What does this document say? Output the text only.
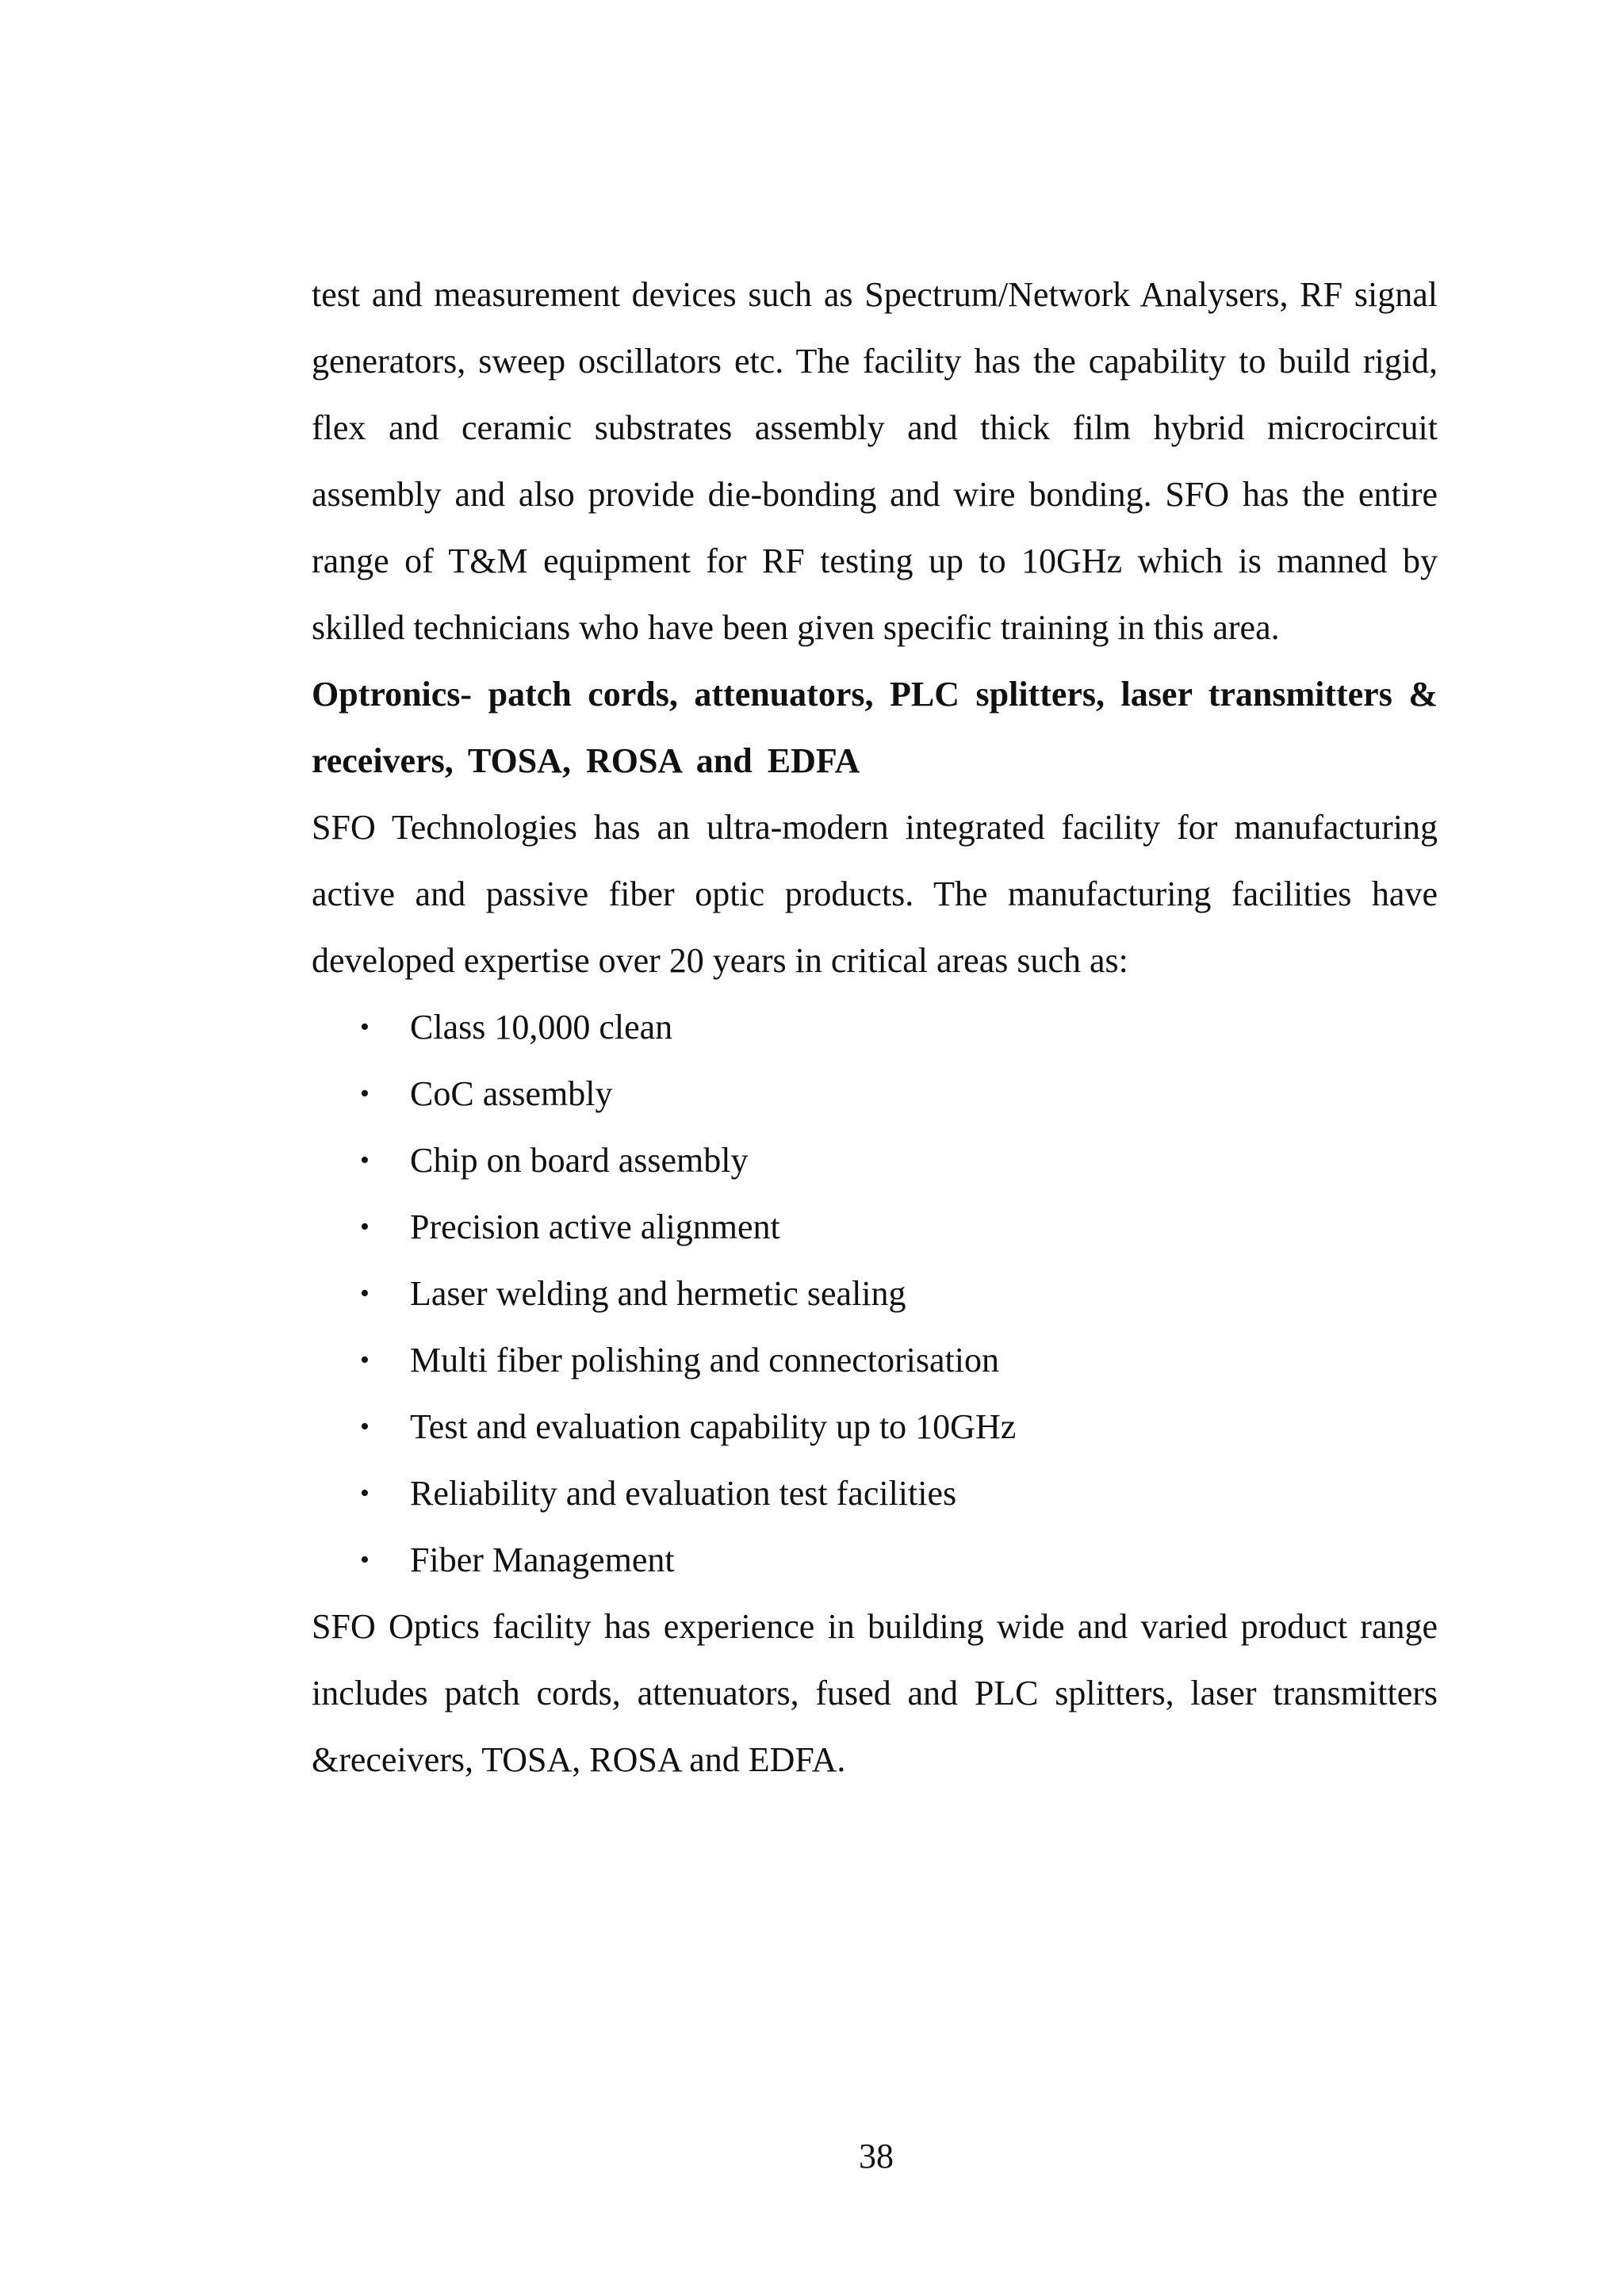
test and measurement devices such as Spectrum/Network Analysers, RF signal generators, sweep oscillators etc. The facility has the capability to build rigid, flex and ceramic substrates assembly and thick film hybrid microcircuit assembly and also provide die-bonding and wire bonding. SFO has the entire range of T&M equipment for RF testing up to 10GHz which is manned by skilled technicians who have been given specific training in this area.

Optronics- patch cords, attenuators, PLC splitters, laser transmitters & receivers, TOSA, ROSA and EDFA

SFO Technologies has an ultra-modern integrated facility for manufacturing active and passive fiber optic products. The manufacturing facilities have developed expertise over 20 years in critical areas such as:

• Class 10,000 clean
• CoC assembly
• Chip on board assembly
• Precision active alignment
• Laser welding and hermetic sealing
• Multi fiber polishing and connectorisation
• Test and evaluation capability up to 10GHz
• Reliability and evaluation test facilities
• Fiber Management

SFO Optics facility has experience in building wide and varied product range includes patch cords, attenuators, fused and PLC splitters, laser transmitters &receivers, TOSA, ROSA and EDFA.

38
